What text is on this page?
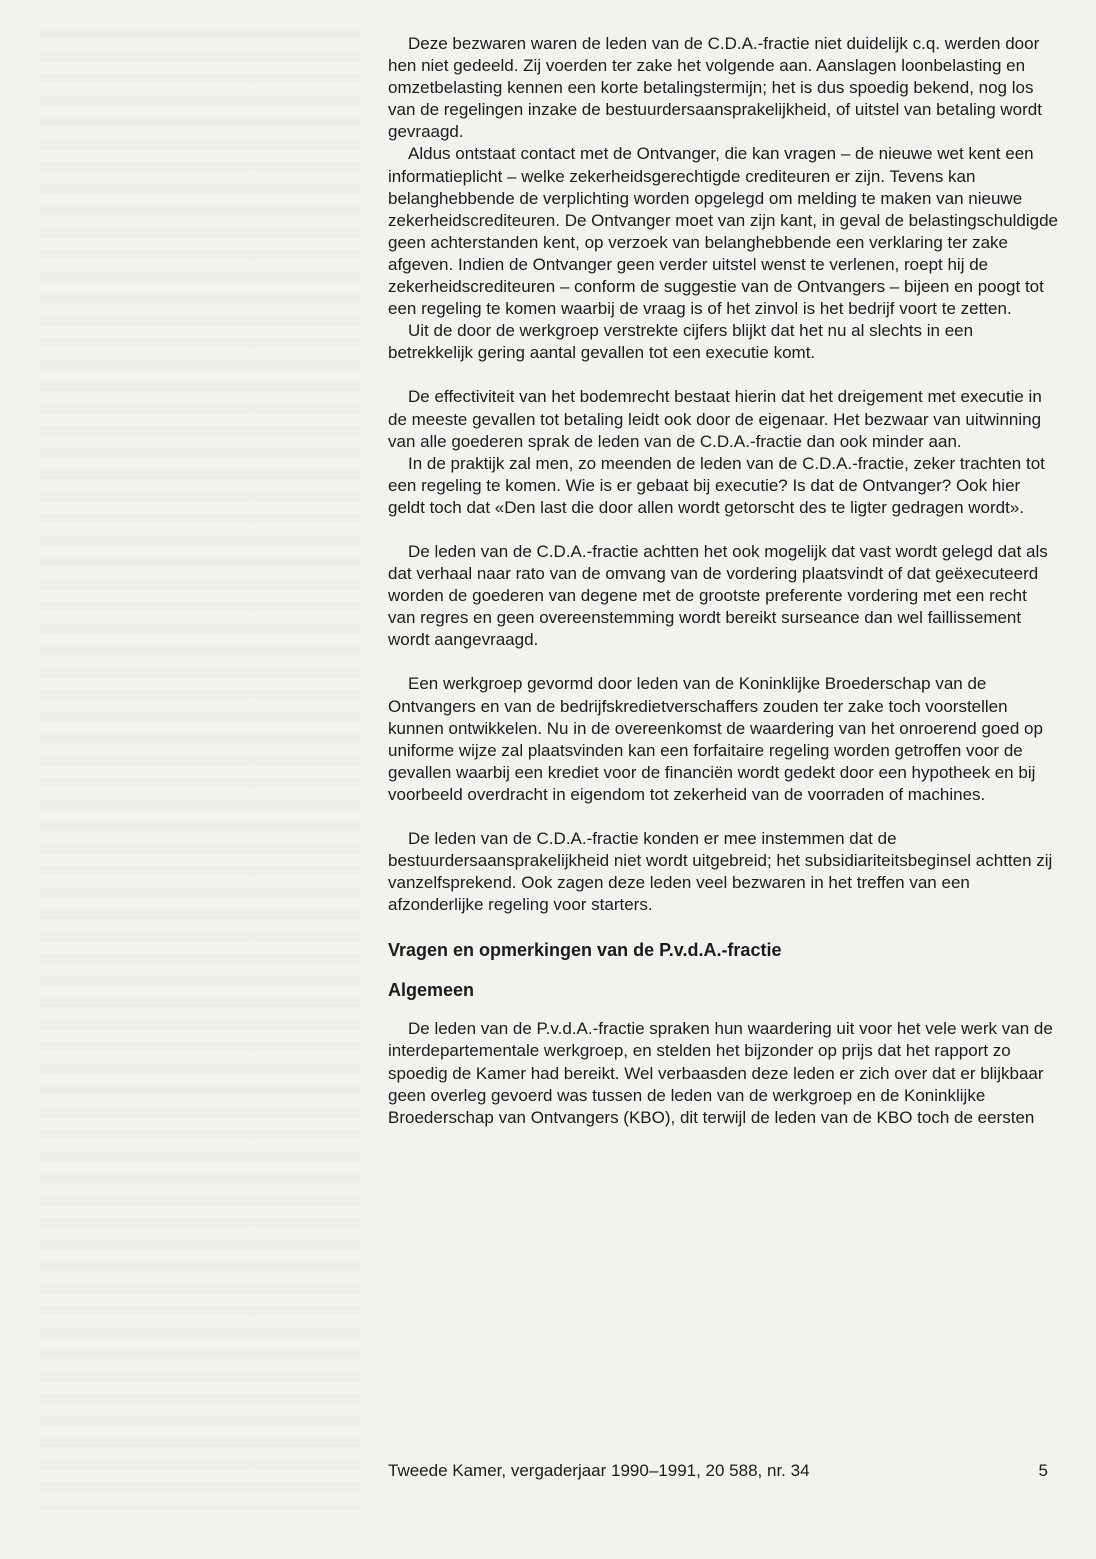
Deze bezwaren waren de leden van de C.D.A.-fractie niet duidelijk c.q. werden door hen niet gedeeld. Zij voerden ter zake het volgende aan. Aanslagen loonbelasting en omzetbelasting kennen een korte betalingstermijn; het is dus spoedig bekend, nog los van de regelingen inzake de bestuurdersaansprakelijkheid, of uitstel van betaling wordt gevraagd.

Aldus ontstaat contact met de Ontvanger, die kan vragen – de nieuwe wet kent een informatieplicht – welke zekerheidsgerechtigde crediteuren er zijn. Tevens kan belanghebbende de verplichting worden opgelegd om melding te maken van nieuwe zekerheidscrediteuren. De Ontvanger moet van zijn kant, in geval de belastingschuldigde geen achterstanden kent, op verzoek van belanghebbende een verklaring ter zake afgeven. Indien de Ontvanger geen verder uitstel wenst te verlenen, roept hij de zekerheidscrediteuren – conform de suggestie van de Ontvangers – bijeen en poogt tot een regeling te komen waarbij de vraag is of het zinvol is het bedrijf voort te zetten.

Uit de door de werkgroep verstrekte cijfers blijkt dat het nu al slechts in een betrekkelijk gering aantal gevallen tot een executie komt.

De effectiviteit van het bodemrecht bestaat hierin dat het dreigement met executie in de meeste gevallen tot betaling leidt ook door de eigenaar. Het bezwaar van uitwinning van alle goederen sprak de leden van de C.D.A.-fractie dan ook minder aan.

In de praktijk zal men, zo meenden de leden van de C.D.A.-fractie, zeker trachten tot een regeling te komen. Wie is er gebaat bij executie? Is dat de Ontvanger? Ook hier geldt toch dat «Den last die door allen wordt getorscht des te ligter gedragen wordt».

De leden van de C.D.A.-fractie achtten het ook mogelijk dat vast wordt gelegd dat als dat verhaal naar rato van de omvang van de vordering plaatsvindt of dat geëxecuteerd worden de goederen van degene met de grootste preferente vordering met een recht van regres en geen overeenstemming wordt bereikt surseance dan wel faillissement wordt aangevraagd.

Een werkgroep gevormd door leden van de Koninklijke Broederschap van de Ontvangers en van de bedrijfskredietverschaffers zouden ter zake toch voorstellen kunnen ontwikkelen. Nu in de overeenkomst de waardering van het onroerend goed op uniforme wijze zal plaatsvinden kan een forfaitaire regeling worden getroffen voor de gevallen waarbij een krediet voor de financiën wordt gedekt door een hypotheek en bij voorbeeld overdracht in eigendom tot zekerheid van de voorraden of machines.

De leden van de C.D.A.-fractie konden er mee instemmen dat de bestuurdersaansprakelijkheid niet wordt uitgebreid; het subsidiariteitsbeginsel achtten zij vanzelfsprekend. Ook zagen deze leden veel bezwaren in het treffen van een afzonderlijke regeling voor starters.

Vragen en opmerkingen van de P.v.d.A.-fractie
Algemeen

De leden van de P.v.d.A.-fractie spraken hun waardering uit voor het vele werk van de interdepartementale werkgroep, en stelden het bijzonder op prijs dat het rapport zo spoedig de Kamer had bereikt. Wel verbaasden deze leden er zich over dat er blijkbaar geen overleg gevoerd was tussen de leden van de werkgroep en de Koninklijke Broederschap van Ontvangers (KBO), dit terwijl de leden van de KBO toch de eersten

Tweede Kamer, vergaderjaar 1990–1991, 20 588, nr. 34	5
